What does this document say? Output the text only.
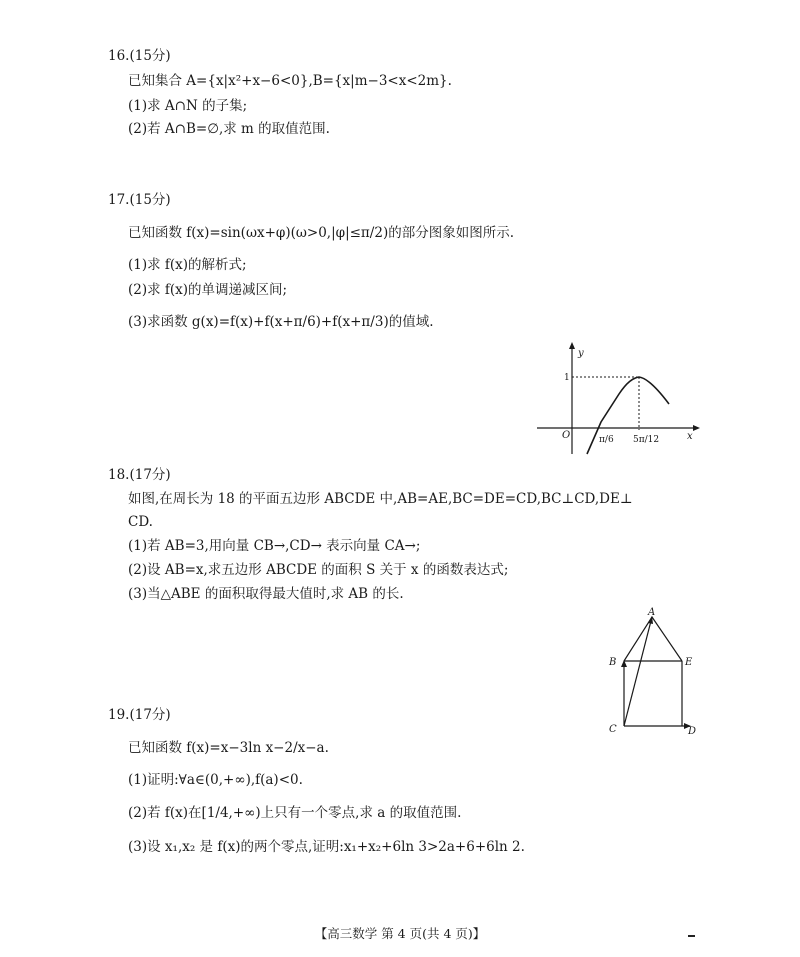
16.(15分)
已知集合 A={x|x²+x−6<0},B={x|m−3<x<2m}.
(1)求 A∩N 的子集;
(2)若 A∩B=∅,求 m 的取值范围.
17.(15分)
已知函数 f(x)=sin(ωx+φ)(ω>0,|φ|≤π/2)的部分图象如图所示.
(1)求 f(x)的解析式;
(2)求 f(x)的单调递减区间;
(3)求函数 g(x)=f(x)+f(x+π/6)+f(x+π/3)的值域.
y
x
O
1
π/6 5π/12
18.(17分)
如图,在周长为 18 的平面五边形 ABCDE 中,AB=AE,BC=DE=CD,BC⊥CD,DE⊥
CD.
(1)若 AB=3,用向量 CB→,CD→ 表示向量 CA→;
(2)设 AB=x,求五边形 ABCDE 的面积 S 关于 x 的函数表达式;
(3)当△ABE 的面积取得最大值时,求 AB 的长.
A
B	E
C	D
19.(17分)
已知函数 f(x)=x−3ln x−2/x−a.
(1)证明:∀a∈(0,+∞),f(a)<0.
(2)若 f(x)在[1/4,+∞)上只有一个零点,求 a 的取值范围.
(3)设 x₁,x₂ 是 f(x)的两个零点,证明:x₁+x₂+6ln 3>2a+6+6ln 2.
【高三数学 第 4 页(共 4 页)】
